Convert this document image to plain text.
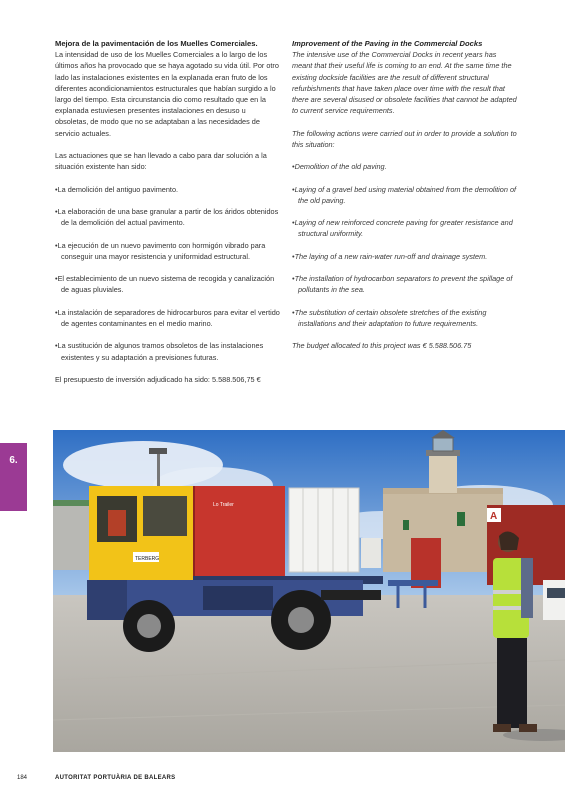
Mejora de la pavimentación de los Muelles Comerciales.

La intensidad de uso de los Muelles Comerciales a lo largo de los últimos años ha provocado que se haya agotado su vida útil. Por otro lado las instalaciones existentes en la explanada eran fruto de los diferentes acondicionamientos estructurales que habían surgido a lo largo del tiempo. Esta circunstancia dio como resultado que en la explanada estuviesen presentes instalaciones en desuso u obsoletas, de modo que no se adaptaban a las necesidades de servicio actuales.

Las actuaciones que se han llevado a cabo para dar solución a la situación existente han sido:

• La demolición del antiguo pavimento.
• La elaboración de una base granular a partir de los áridos obtenidos de la demolición del actual pavimento.
• La ejecución de un nuevo pavimento con hormigón vibrado para conseguir una mayor resistencia y uniformidad estructural.
• El establecimiento de un nuevo sistema de recogida y canalización de aguas pluviales.
• La instalación de separadores de hidrocarburos para evitar el vertido de agentes contaminantes en el medio marino.
• La sustitución de algunos tramos obsoletos de las instalaciones existentes y su adaptación a previsiones futuras.

El presupuesto de inversión adjudicado ha sido: 5.588.506,75 €

Improvement of the Paving in the Commercial Docks

The intensive use of the Commercial Docks in recent years has meant that their useful life is coming to an end. At the same time the existing dockside facilities are the result of different structural refurbishments that have taken place over time with the result that there are several disused or obsolete facilities that cannot be adapted to current service requirements.

The following actions were carried out in order to provide a solution to this situation:

• Demolition of the old paving.
• Laying of a gravel bed using material obtained from the demolition of the old paving.
• Laying of new reinforced concrete paving for greater resistance and structural uniformity.
• The laying of a new rain-water run-off and drainage system.
• The installation of hydrocarbon separators to prevent the spillage of pollutants in the sea.
• The substitution of certain obsolete stretches of the existing installations and their adaptation to future requirements.

The budget allocated to this project was € 5.588.506.75

6.
A
Lo Trailer
TERBERG
184	AUTORITAT PORTUÀRIA DE BALEARS
